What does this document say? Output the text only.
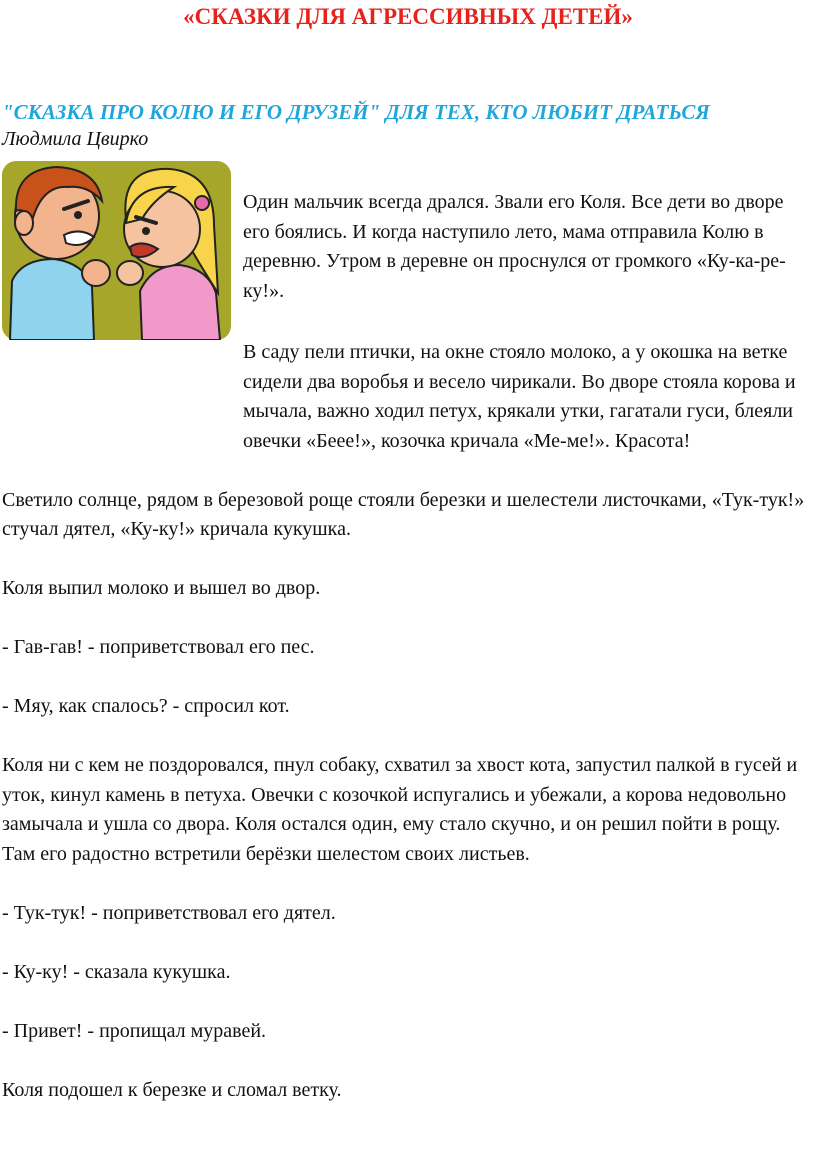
«СКАЗКИ ДЛЯ АГРЕССИВНЫХ ДЕТЕЙ»
"СКАЗКА ПРО КОЛЮ И ЕГО ДРУЗЕЙ" ДЛЯ ТЕХ, КТО ЛЮБИТ ДРАТЬСЯ

Людмила Цвирко

Один мальчик всегда дрался. Звали его Коля. Все дети во дворе его боялись. И когда наступило лето, мама отправила Колю в деревню. Утром в деревне он проснулся от громкого «Ку-ка-ре-ку!».

В саду пели птички, на окне стояло молоко, а у окошка на ветке сидели два воробья и весело чирикали. Во дворе стояла корова и мычала, важно ходил петух, крякали утки, гагатали гуси, блеяли овечки «Беее!», козочка кричала «Ме-ме!». Красота!

Светило солнце, рядом в березовой роще стояли березки и шелестели листочками, «Тук-тук!» стучал дятел, «Ку-ку!» кричала кукушка.

Коля выпил молоко и вышел во двор.

- Гав-гав! - поприветствовал его пес.

- Мяу, как спалось? - спросил кот.

Коля ни с кем не поздоровался, пнул собаку, схватил за хвост кота, запустил палкой в гусей и уток, кинул камень в петуха. Овечки с козочкой испугались и убежали, а корова недовольно замычала и ушла со двора. Коля остался один, ему стало скучно, и он решил пойти в рощу. Там его радостно встретили берёзки шелестом своих листьев.

- Тук-тук! - поприветствовал его дятел.

- Ку-ку! - сказала кукушка.

- Привет! - пропищал муравей.

Коля подошел к березке и сломал ветку.
